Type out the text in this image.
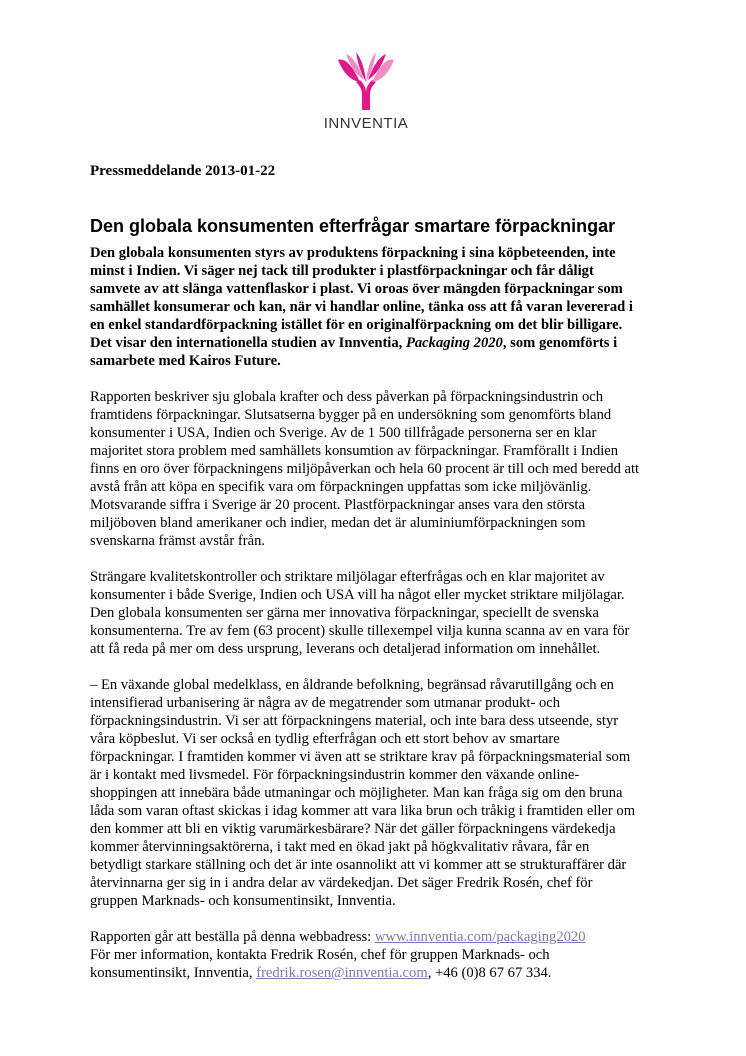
INNVENTIA
Pressmeddelande 2013-01-22
Den globala konsumenten efterfrågar smartare förpackningar

Den globala konsumenten styrs av produktens förpackning i sina köpbeteenden, inte
minst i Indien. Vi säger nej tack till produkter i plastförpackningar och får dåligt
samvete av att slänga vattenflaskor i plast. Vi oroas över mängden förpackningar som
samhället konsumerar och kan, när vi handlar online, tänka oss att få varan levererad i
en enkel standardförpackning istället för en originalförpackning om det blir billigare.
Det visar den internationella studien av Innventia, Packaging 2020, som genomförts i
samarbete med Kairos Future.

Rapporten beskriver sju globala krafter och dess påverkan på förpackningsindustrin och
framtidens förpackningar. Slutsatserna bygger på en undersökning som genomförts bland
konsumenter i USA, Indien och Sverige. Av de 1 500 tillfrågade personerna ser en klar
majoritet stora problem med samhällets konsumtion av förpackningar. Framförallt i Indien
finns en oro över förpackningens miljöpåverkan och hela 60 procent är till och med beredd att
avstå från att köpa en specifik vara om förpackningen uppfattas som icke miljövänlig.
Motsvarande siffra i Sverige är 20 procent. Plastförpackningar anses vara den största
miljöboven bland amerikaner och indier, medan det är aluminiumförpackningen som
svenskarna främst avstår från.

Strängare kvalitetskontroller och striktare miljölagar efterfrågas och en klar majoritet av
konsumenter i både Sverige, Indien och USA vill ha något eller mycket striktare miljölagar.
Den globala konsumenten ser gärna mer innovativa förpackningar, speciellt de svenska
konsumenterna. Tre av fem (63 procent) skulle tillexempel vilja kunna scanna av en vara för
att få reda på mer om dess ursprung, leverans och detaljerad information om innehållet.

– En växande global medelklass, en åldrande befolkning, begränsad råvarutillgång och en
intensifierad urbanisering är några av de megatrender som utmanar produkt- och
förpackningsindustrin. Vi ser att förpackningens material, och inte bara dess utseende, styr
våra köpbeslut. Vi ser också en tydlig efterfrågan och ett stort behov av smartare
förpackningar. I framtiden kommer vi även att se striktare krav på förpackningsmaterial som
är i kontakt med livsmedel. För förpackningsindustrin kommer den växande online-
shoppingen att innebära både utmaningar och möjligheter. Man kan fråga sig om den bruna
låda som varan oftast skickas i idag kommer att vara lika brun och tråkig i framtiden eller om
den kommer att bli en viktig varumärkesbärare? När det gäller förpackningens värdekedja
kommer återvinningsaktörerna, i takt med en ökad jakt på högkvalitativ råvara, får en
betydligt starkare ställning och det är inte osannolikt att vi kommer att se strukturaffärer där
återvinnarna ger sig in i andra delar av värdekedjan. Det säger Fredrik Rosén, chef för
gruppen Marknads- och konsumentinsikt, Innventia.

Rapporten går att beställa på denna webbadress: www.innventia.com/packaging2020
För mer information, kontakta Fredrik Rosén, chef för gruppen Marknads- och
konsumentinsikt, Innventia, fredrik.rosen@innventia.com, +46 (0)8 67 67 334.
